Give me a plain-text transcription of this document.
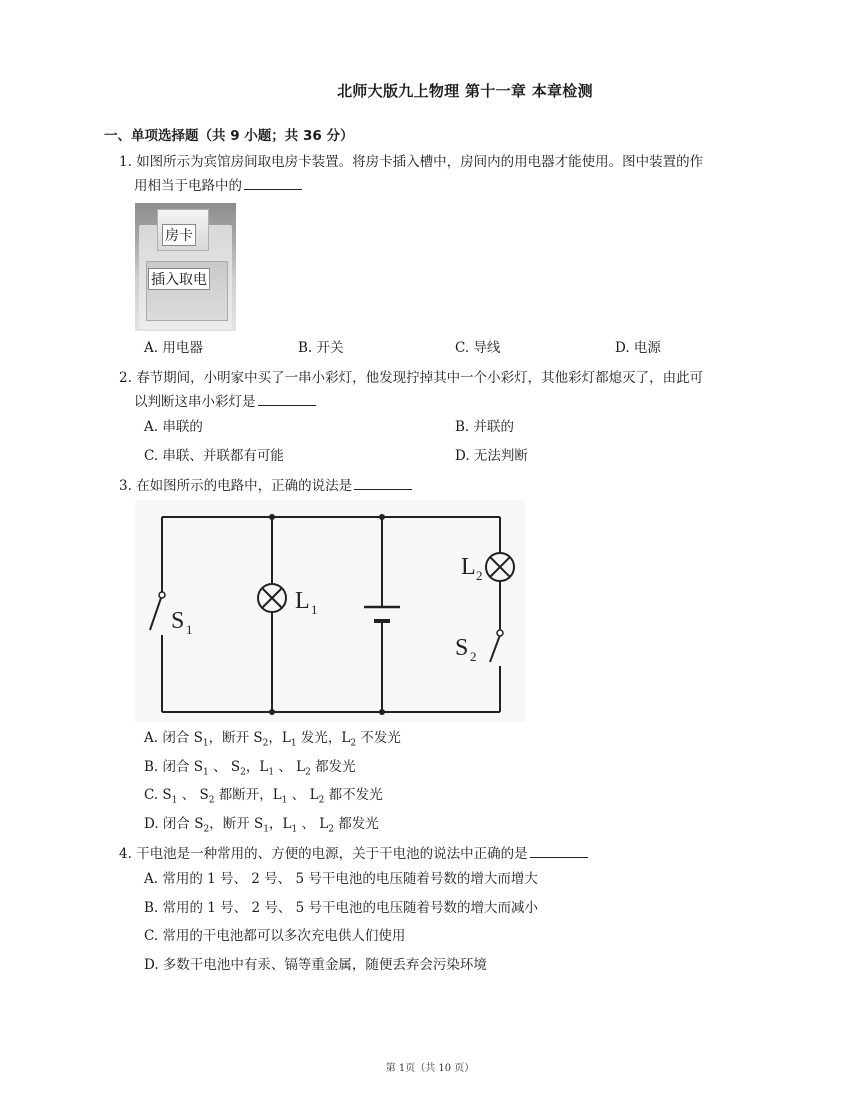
北师大版九上物理 第十一章 本章检测
一、单项选择题（共 9 小题；共 36 分）
1. 如图所示为宾馆房间取电房卡装置。将房卡插入槽中，房间内的用电器才能使用。图中装置的作
用相当于电路中的
房卡
插入取电
A. 用电器	B. 开关	C. 导线	D. 电源
2. 春节期间，小明家中买了一串小彩灯，他发现拧掉其中一个小彩灯，其他彩灯都熄灭了，由此可
以判断这串小彩灯是
A. 串联的	B. 并联的
C. 串联、并联都有可能	D. 无法判断
3. 在如图所示的电路中，正确的说法是
L 1
S 1
L 2
S 2
A. 闭合 $S_1$，断开 $S_2$，$L_1$ 发光，$L_2$ 不发光
B. 闭合 $S_1$ 、 $S_2$，$L_1$ 、 $L_2$ 都发光
C. $S_1$ 、 $S_2$ 都断开，$L_1$ 、 $L_2$ 都不发光
D. 闭合 $S_2$，断开 $S_1$，$L_1$ 、 $L_2$ 都发光
4. 干电池是一种常用的、方便的电源，关于干电池的说法中正确的是
A. 常用的 1 号、 2 号、 5 号干电池的电压随着号数的增大而增大
B. 常用的 1 号、 2 号、 5 号干电池的电压随着号数的增大而减小
C. 常用的干电池都可以多次充电供人们使用
D. 多数干电池中有汞、镉等重金属，随便丢弃会污染环境
第 1页（共 10 页）
